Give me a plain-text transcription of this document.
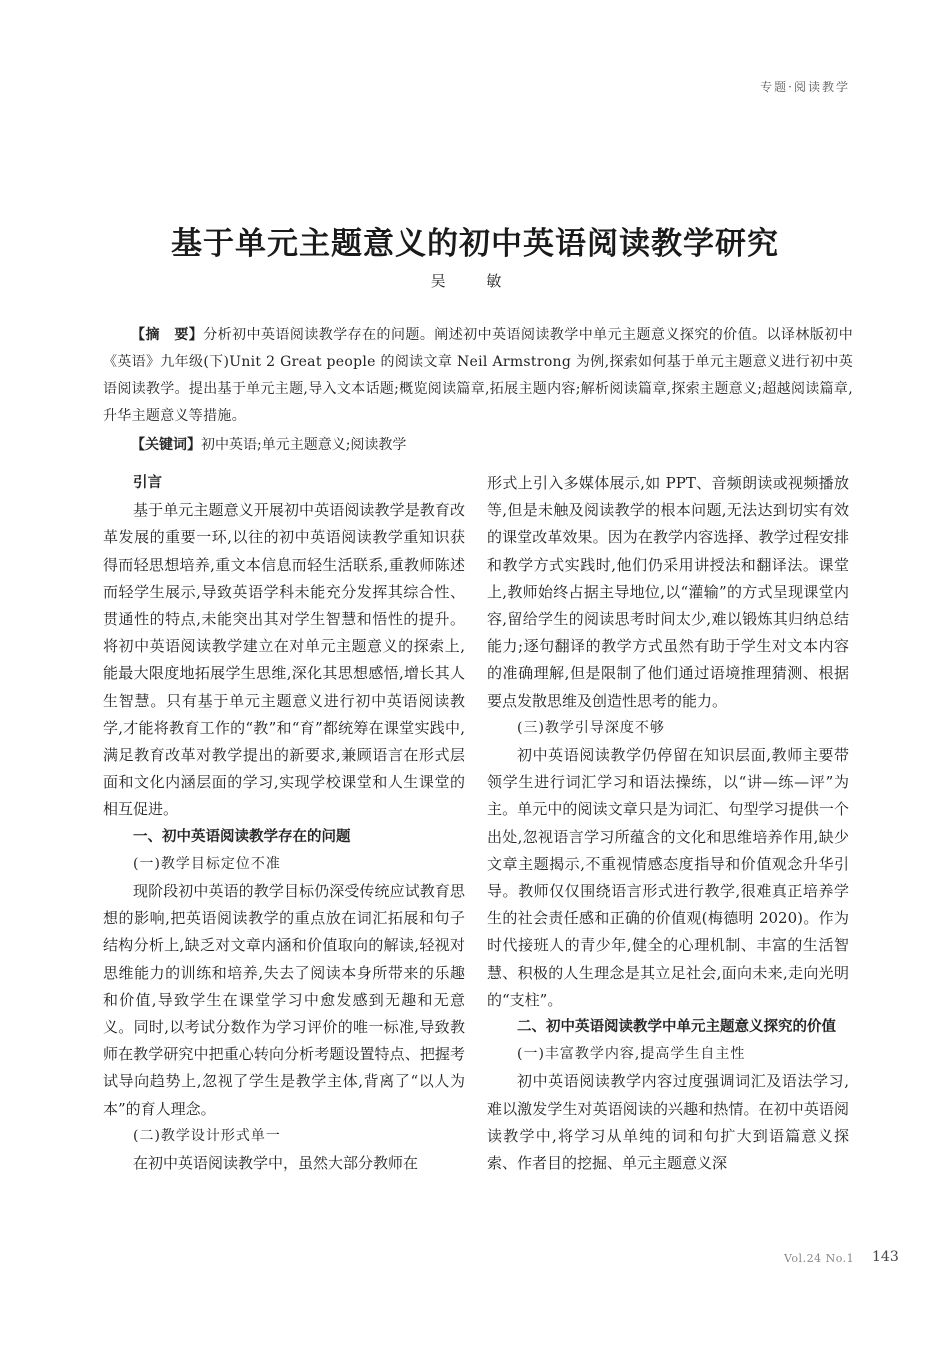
专题·阅读教学
基于单元主题意义的初中英语阅读教学研究
吴 敏

【摘　要】分析初中英语阅读教学存在的问题。阐述初中英语阅读教学中单元主题意义探究的价值。以译林版初中《英语》九年级(下)Unit 2 Great people 的阅读文章 Neil Armstrong 为例,探索如何基于单元主题意义进行初中英语阅读教学。提出基于单元主题,导入文本话题;概览阅读篇章,拓展主题内容;解析阅读篇章,探索主题意义;超越阅读篇章,升华主题意义等措施。

【关键词】初中英语;单元主题意义;阅读教学

引言

基于单元主题意义开展初中英语阅读教学是教育改革发展的重要一环,以往的初中英语阅读教学重知识获得而轻思想培养,重文本信息而轻生活联系,重教师陈述而轻学生展示,导致英语学科未能充分发挥其综合性、贯通性的特点,未能突出其对学生智慧和悟性的提升。将初中英语阅读教学建立在对单元主题意义的探索上,能最大限度地拓展学生思维,深化其思想感悟,增长其人生智慧。只有基于单元主题意义进行初中英语阅读教学,才能将教育工作的“教”和“育”都统筹在课堂实践中,满足教育改革对教学提出的新要求,兼顾语言在形式层面和文化内涵层面的学习,实现学校课堂和人生课堂的相互促进。

一、初中英语阅读教学存在的问题

(一)教学目标定位不准

现阶段初中英语的教学目标仍深受传统应试教育思想的影响,把英语阅读教学的重点放在词汇拓展和句子结构分析上,缺乏对文章内涵和价值取向的解读,轻视对思维能力的训练和培养,失去了阅读本身所带来的乐趣和价值,导致学生在课堂学习中愈发感到无趣和无意义。同时,以考试分数作为学习评价的唯一标准,导致教师在教学研究中把重心转向分析考题设置特点、把握考试导向趋势上,忽视了学生是教学主体,背离了“以人为本”的育人理念。

(二)教学设计形式单一

在初中英语阅读教学中，虽然大部分教师在

形式上引入多媒体展示,如 PPT、音频朗读或视频播放等,但是未触及阅读教学的根本问题,无法达到切实有效的课堂改革效果。因为在教学内容选择、教学过程安排和教学方式实践时,他们仍采用讲授法和翻译法。课堂上,教师始终占据主导地位,以“灌输”的方式呈现课堂内容,留给学生的阅读思考时间太少,难以锻炼其归纳总结能力;逐句翻译的教学方式虽然有助于学生对文本内容的准确理解,但是限制了他们通过语境推理猜测、根据要点发散思维及创造性思考的能力。

(三)教学引导深度不够

初中英语阅读教学仍停留在知识层面,教师主要带领学生进行词汇学习和语法操练，以“讲—练—评”为主。单元中的阅读文章只是为词汇、句型学习提供一个出处,忽视语言学习所蕴含的文化和思维培养作用,缺少文章主题揭示,不重视情感态度指导和价值观念升华引导。教师仅仅围绕语言形式进行教学,很难真正培养学生的社会责任感和正确的价值观(梅德明 2020)。作为时代接班人的青少年,健全的心理机制、丰富的生活智慧、积极的人生理念是其立足社会,面向未来,走向光明的“支柱”。

二、初中英语阅读教学中单元主题意义探究的价值

(一)丰富教学内容,提高学生自主性

初中英语阅读教学内容过度强调词汇及语法学习,难以激发学生对英语阅读的兴趣和热情。在初中英语阅读教学中,将学习从单纯的词和句扩大到语篇意义探索、作者目的挖掘、单元主题意义深

Vol.24 No.1 143
